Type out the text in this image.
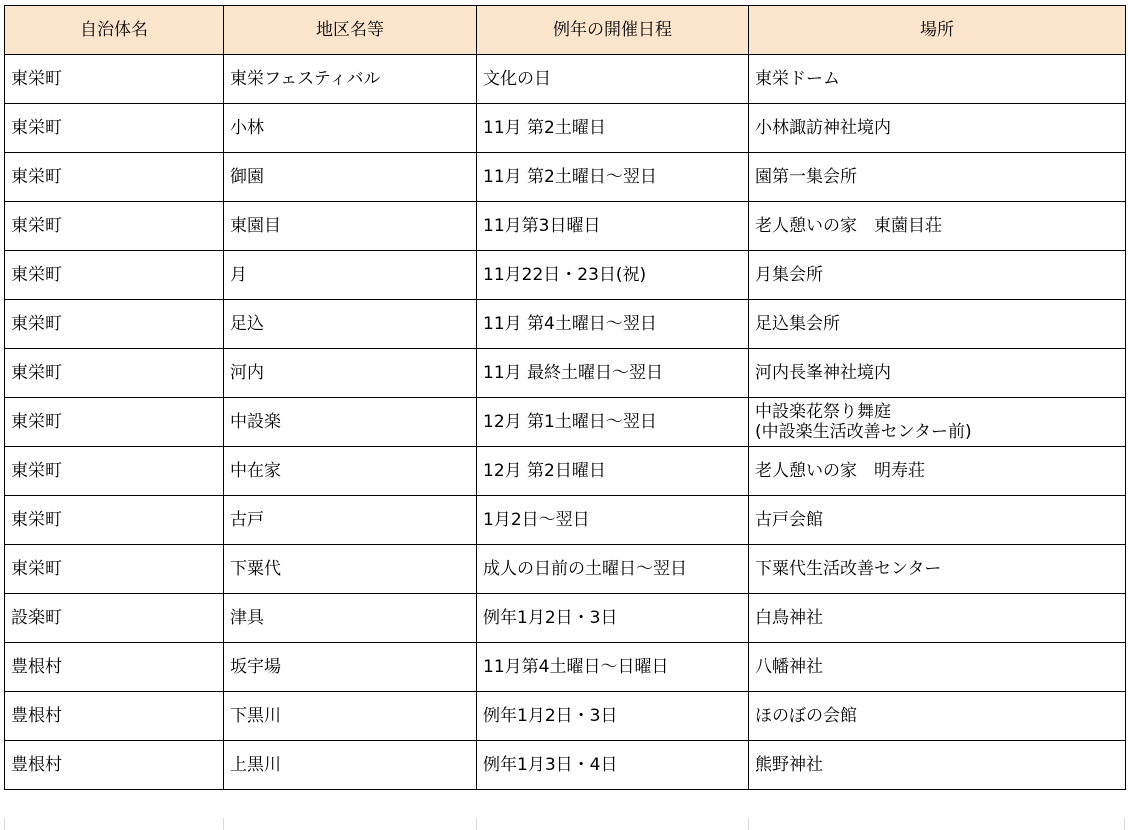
自治体名	地区名等	例年の開催日程	場所
東栄町	東栄フェスティバル	文化の日	東栄ドーム

東栄町	小林	11月 第2土曜日	小林諏訪神社境内

東栄町	御園	11月 第2土曜日～翌日	園第一集会所

東栄町	東園目	11月第3日曜日	老人憩いの家　東薗目荘

東栄町	月	11月22日・23日(祝)	月集会所

東栄町	足込	11月 第4土曜日～翌日	足込集会所

東栄町	河内	11月 最終土曜日～翌日	河内長峯神社境内

東栄町	中設楽	12月 第1土曜日～翌日	中設楽花祭り舞庭
(中設楽生活改善センター前)

東栄町	中在家	12月 第2日曜日	老人憩いの家　明寿荘

東栄町	古戸	1月2日～翌日	古戸会館

東栄町	下粟代	成人の日前の土曜日～翌日	下粟代生活改善センター

設楽町	津具	例年1月2日・3日	白鳥神社

豊根村	坂宇場	11月第4土曜日～日曜日	八幡神社

豊根村	下黒川	例年1月2日・3日	ほのぼの会館

豊根村	上黒川	例年1月3日・4日	熊野神社
